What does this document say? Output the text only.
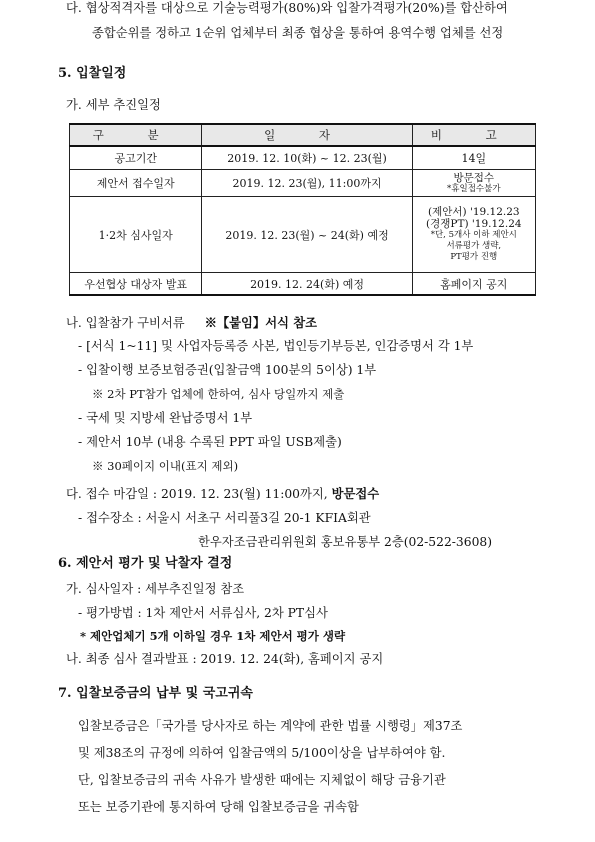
다. 협상적격자를 대상으로 기술능력평가(80%)와 입찰가격평가(20%)를 합산하여
종합순위를 정하고 1순위 업체부터 최종 협상을 통하여 용역수행 업체를 선정
5. 입찰일정
가. 세부 추진일정
구 분	일 자	비 고
공고기간	2019. 12. 10(화) ~ 12. 23(월)	14일
제안서 접수일자	2019. 12. 23(월), 11:00까지	방문접수
*휴일접수불가

1·2차 심사일자	2019. 12. 23(월) ~ 24(화) 예정	(제안서) '19.12.23
(경쟁PT) '19.12.24
*단, 5개사 이하 제안시
서류평가 생략,
PT평가 진행

우선협상 대상자 발표	2019. 12. 24(화) 예정	홈페이지 공지
나. 입찰참가 구비서류 ※【붙임】서식 참조
- [서식 1~11] 및 사업자등록증 사본, 법인등기부등본, 인감증명서 각 1부
- 입찰이행 보증보험증권(입찰금액 100분의 5이상) 1부
※ 2차 PT참가 업체에 한하여, 심사 당일까지 제출
- 국세 및 지방세 완납증명서 1부
- 제안서 10부 (내용 수록된 PPT 파일 USB제출)
※ 30페이지 이내(표지 제외)
다. 접수 마감일 : 2019. 12. 23(월) 11:00까지, 방문접수
- 접수장소 : 서울시 서초구 서리풀3길 20-1 KFIA회관
한우자조금관리위원회 홍보유통부 2층(02-522-3608)
6. 제안서 평가 및 낙찰자 결정
가. 심사일자 : 세부추진일정 참조
- 평가방법 : 1차 제안서 서류심사, 2차 PT심사
* 제안업체기 5개 이하일 경우 1차 제안서 평가 생략
나. 최종 심사 결과발표 : 2019. 12. 24(화), 홈페이지 공지
7. 입찰보증금의 납부 및 국고귀속
입찰보증금은「국가를 당사자로 하는 계약에 관한 법률 시행령」제37조
및 제38조의 규정에 의하여 입찰금액의 5/100이상을 납부하여야 함.
단, 입찰보증금의 귀속 사유가 발생한 때에는 지체없이 해당 금융기관
또는 보증기관에 통지하여 당해 입찰보증금을 귀속함
